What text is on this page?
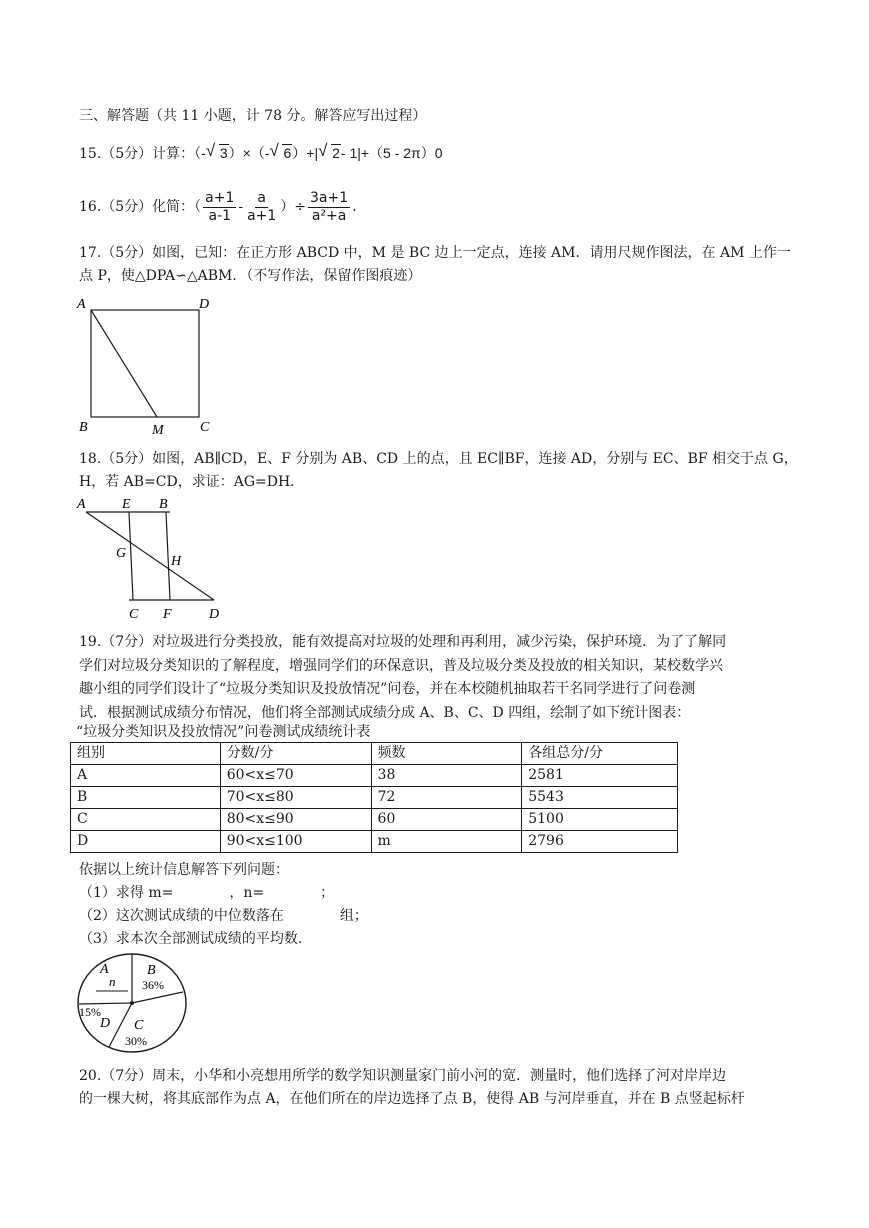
三、解答题（共 11 小题，计 78 分。解答应写出过程）
15.（5分）计算：（- √ 3）×（- √ 6）+| √ 2- 1|+（5 - 2π）0
16.（5分）化简：（ $\frac{a+1}{a-1} - \frac{a}{a+1}$ ）÷ $\frac{3a+1}{\text{a²+a}}$ .
17.（5分）如图，已知：在正方形 ABCD 中，M 是 BC 边上一定点，连接 AM．请用尺规作图法，在 AM 上作一
点 P，使△DPA∽△ABM．（不写作法，保留作图痕迹）
A	D
B	M	C
18.（5分）如图，AB∥CD，E、F 分别为 AB、CD 上的点，且 EC∥BF，连接 AD，分别与 EC、BF 相交于点 G，
H，若 AB=CD，求证：AG=DH．
A	E B
G
H
C F	D
19.（7分）对垃圾进行分类投放，能有效提高对垃圾的处理和再利用，减少污染，保护环境．为了了解同
学们对垃圾分类知识的了解程度，增强同学们的环保意识，普及垃圾分类及投放的相关知识，某校数学兴
趣小组的同学们设计了“垃圾分类知识及投放情况”问卷，并在本校随机抽取若干名同学进行了问卷测
试．根据测试成绩分布情况，他们将全部测试成绩分成 A、B、C、D 四组，绘制了如下统计图表：
“垃圾分类知识及投放情况”问卷测试成绩统计表
组别	分数/分	频数	各组总分/分
A	60<x≤70	38	2581
B	70<x≤80	72	5543
C	80<x≤90	60	5100
D	90<x≤100	m	2796
依据以上统计信息解答下列问题：
（1）求得 m=　　　　，n=　　　　；
（2）这次测试成绩的中位数落在　　　　组；
（3）求本次全部测试成绩的平均数．
A
n
B
36%
C
30%
15%
D
20.（7分）周末，小华和小亮想用所学的数学知识测量家门前小河的宽．测量时，他们选择了河对岸岸边
的一棵大树，将其底部作为点 A，在他们所在的岸边选择了点 B，使得 AB 与河岸垂直，并在 B 点竖起标杆
